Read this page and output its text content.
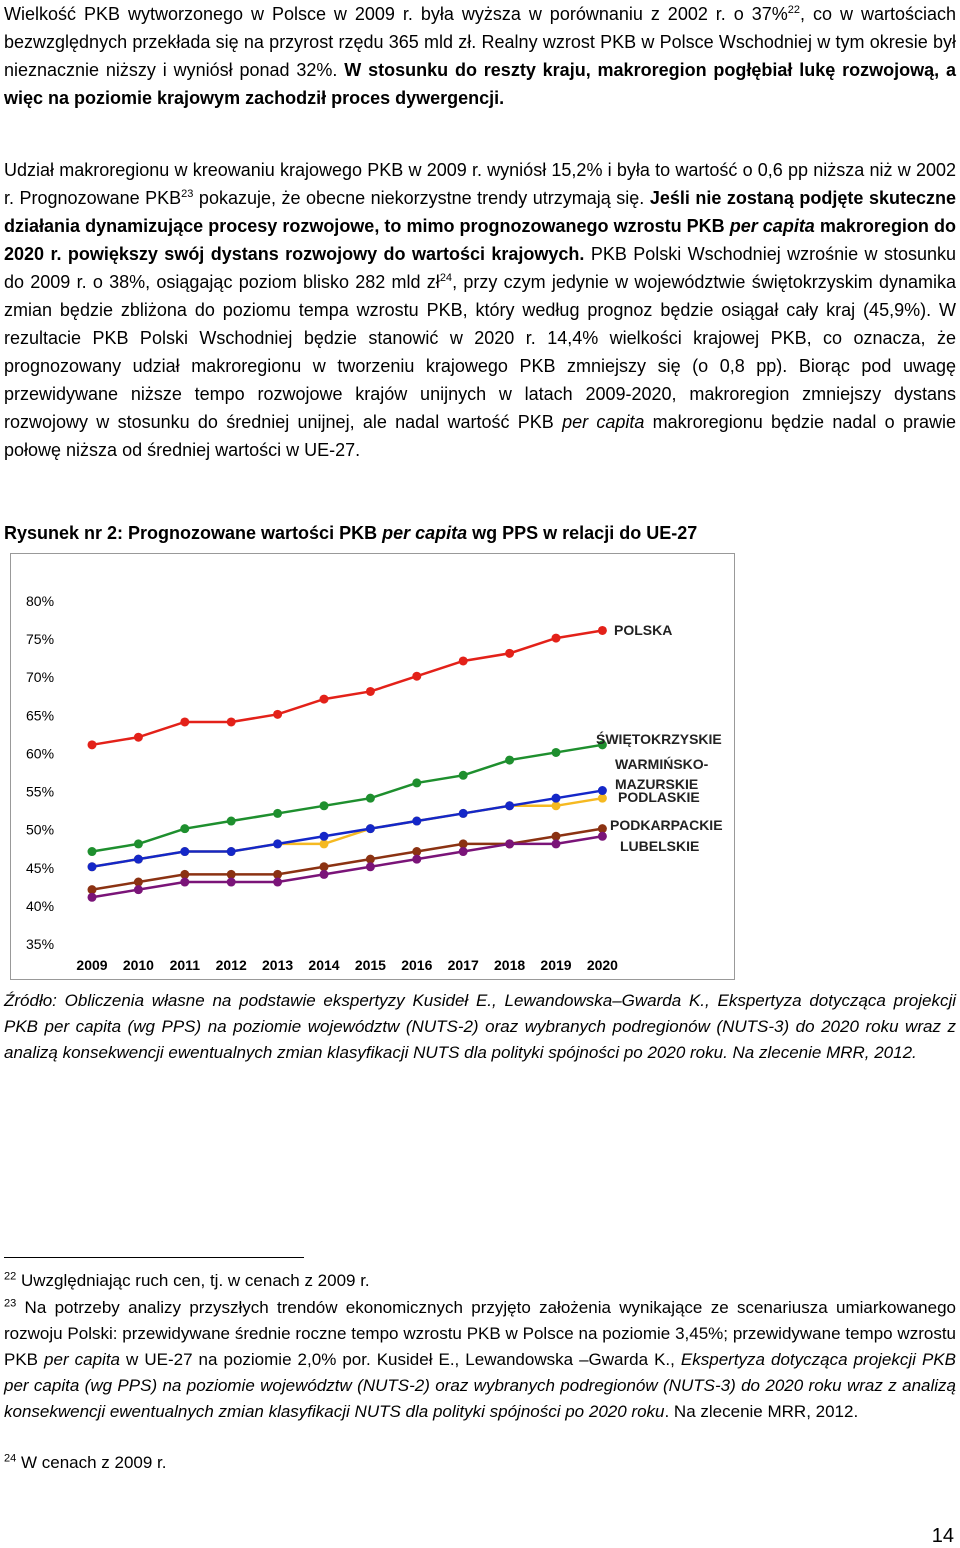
Wielkość PKB wytworzonego w Polsce w 2009 r. była wyższa w porównaniu z 2002 r. o 37%$^{22}$, co w wartościach bezwzględnych przekłada się na przyrost rzędu 365 mld zł. Realny wzrost PKB w Polsce Wschodniej w tym okresie był nieznacznie niższy i wyniósł ponad 32%. W stosunku do reszty kraju, makroregion pogłębiał lukę rozwojową, a więc na poziomie krajowym zachodził proces dywergencji.
Udział makroregionu w kreowaniu krajowego PKB w 2009 r. wyniósł 15,2% i była to wartość o 0,6 pp niższa niż w 2002 r. Prognozowane PKB$^{23}$ pokazuje, że obecne niekorzystne trendy utrzymają się. Jeśli nie zostaną podjęte skuteczne działania dynamizujące procesy rozwojowe, to mimo prognozowanego wzrostu PKB per capita makroregion do 2020 r. powiększy swój dystans rozwojowy do wartości krajowych. PKB Polski Wschodniej wzrośnie w stosunku do 2009 r. o 38%, osiągając poziom blisko 282 mld $zł^{24}$, przy czym jedynie w województwie świętokrzyskim dynamika zmian będzie zbliżona do poziomu tempa wzrostu PKB, który według prognoz będzie osiągał cały kraj (45,9%). W rezultacie PKB Polski Wschodniej będzie stanowić w 2020 r. 14,4% wielkości krajowej PKB, co oznacza, że prognozowany udział makroregionu w tworzeniu krajowego PKB zmniejszy się (o 0,8 pp). Biorąc pod uwagę przewidywane niższe tempo rozwojowe krajów unijnych w latach 2009-2020, makroregion zmniejszy dystans rozwojowy w stosunku do średniej unijnej, ale nadal wartość PKB per capita makroregionu będzie nadal o prawie połowę niższa od średniej wartości w UE-27.
Rysunek nr 2: Prognozowane wartości PKB per capita wg PPS w relacji do UE-27
35%
40%
45%
50%
55%
60%
65%
70%
75%
80%
2009 2010 2011 2012 2013 2014 2015 2016 2017 2018 2019 2020
POLSKA
ŚWIĘTOKRZYSKIE
WARMIŃSKO-MAZURSKIE
PODLASKIE
PODKARPACKIE
LUBELSKIE
Źródło: Obliczenia własne na podstawie ekspertyzy Kusideł E., Lewandowska–Gwarda K., Ekspertyza dotycząca projekcji PKB per capita (wg PPS) na poziomie województw (NUTS-2) oraz wybranych podregionów (NUTS-3) do 2020 roku wraz z analizą konsekwencji ewentualnych zmian klasyfikacji NUTS dla polityki spójności po 2020 roku. Na zlecenie MRR, 2012.
$^{22}$ Uwzględniając ruch cen, tj. w cenach z 2009 r.
$^{23}$ Na potrzeby analizy przyszłych trendów ekonomicznych przyjęto założenia wynikające ze scenariusza umiarkowanego rozwoju Polski: przewidywane średnie roczne tempo wzrostu PKB w Polsce na poziomie 3,45%; przewidywane tempo wzrostu PKB per capita w UE-27 na poziomie 2,0% por. Kusideł E., Lewandowska –Gwarda K., Ekspertyza dotycząca projekcji PKB per capita (wg PPS) na poziomie województw (NUTS-2) oraz wybranych podregionów (NUTS-3) do 2020 roku wraz z analizą konsekwencji ewentualnych zmian klasyfikacji NUTS dla polityki spójności po 2020 roku. Na zlecenie MRR, 2012.
$^{24}$ W cenach z 2009 r.
14
